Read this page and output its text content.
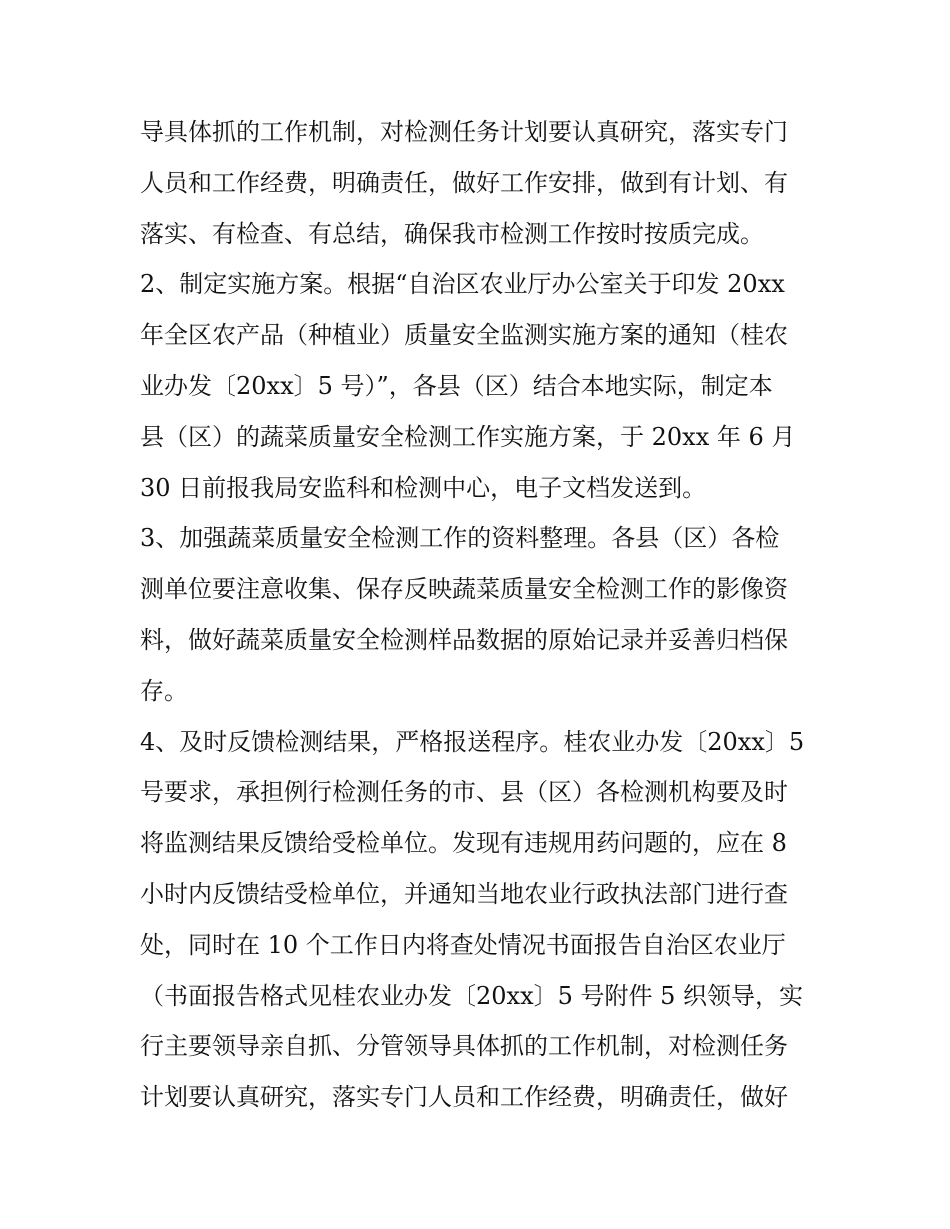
导具体抓的工作机制，对检测任务计划要认真研究，落实专门
人员和工作经费，明确责任，做好工作安排，做到有计划、有
落实、有检查、有总结，确保我市检测工作按时按质完成。
2、制定实施方案。根据“自治区农业厅办公室关于印发 20xx
年全区农产品（种植业）质量安全监测实施方案的通知（桂农
业办发〔20xx〕5 号）”，各县（区）结合本地实际，制定本
县（区）的蔬菜质量安全检测工作实施方案，于 20xx 年 6 月
30 日前报我局安监科和检测中心，电子文档发送到。
3、加强蔬菜质量安全检测工作的资料整理。各县（区）各检
测单位要注意收集、保存反映蔬菜质量安全检测工作的影像资
料，做好蔬菜质量安全检测样品数据的原始记录并妥善归档保
存。
4、及时反馈检测结果，严格报送程序。桂农业办发〔20xx〕5
号要求，承担例行检测任务的市、县（区）各检测机构要及时
将监测结果反馈给受检单位。发现有违规用药问题的，应在 8
小时内反馈结受检单位，并通知当地农业行政执法部门进行查
处，同时在 10 个工作日内将查处情况书面报告自治区农业厅
（书面报告格式见桂农业办发〔20xx〕5 号附件 5 织领导，实
行主要领导亲自抓、分管领导具体抓的工作机制，对检测任务
计划要认真研究，落实专门人员和工作经费，明确责任，做好
